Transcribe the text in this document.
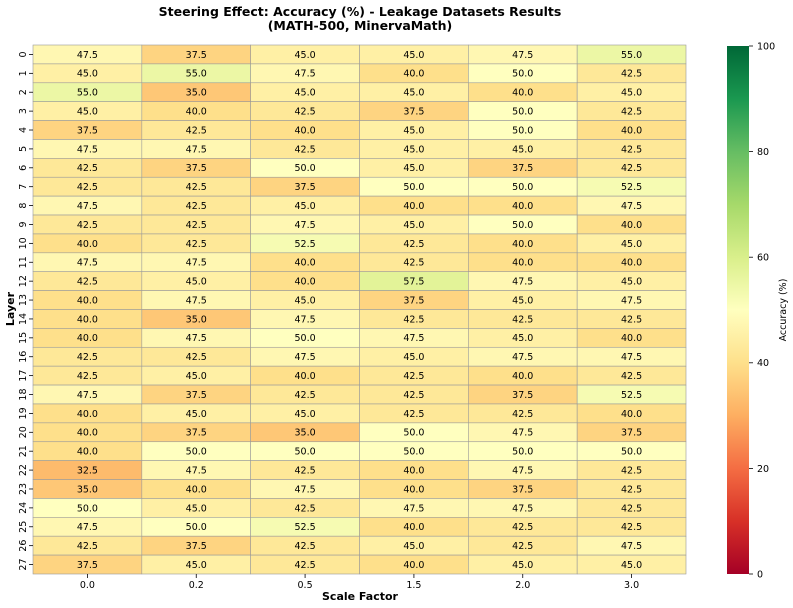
Steering Effect: Accuracy (%) - Leakage Datasets Results
(MATH-500, MinervaMath)
47.5	37.5	45.0	45.0	47.5	55.0
45.0	55.0	47.5	40.0	50.0	42.5
55.0	35.0	45.0	45.0	40.0	45.0
45.0	40.0	42.5	37.5	50.0	42.5
37.5	42.5	40.0	45.0	50.0	40.0
47.5	47.5	42.5	45.0	45.0	42.5
42.5	37.5	50.0	45.0	37.5	42.5
42.5	42.5	37.5	50.0	50.0	52.5
47.5	42.5	45.0	40.0	40.0	47.5
42.5	42.5	47.5	45.0	50.0	40.0
40.0	42.5	52.5	42.5	40.0	45.0
47.5	47.5	40.0	42.5	40.0	40.0
42.5	45.0	40.0	57.5	47.5	45.0
40.0	47.5	45.0	37.5	45.0	47.5
40.0	35.0	47.5	42.5	42.5	42.5
40.0	47.5	50.0	47.5	45.0	40.0
42.5	42.5	47.5	45.0	47.5	47.5
42.5	45.0	40.0	42.5	40.0	42.5
47.5	37.5	42.5	42.5	37.5	52.5
40.0	45.0	45.0	42.5	42.5	40.0
40.0	37.5	35.0	50.0	47.5	37.5
40.0	50.0	50.0	50.0	50.0	50.0
32.5	47.5	42.5	40.0	47.5	42.5
35.0	40.0	47.5	40.0	37.5	42.5
50.0	45.0	42.5	47.5	47.5	42.5
47.5	50.0	52.5	40.0	42.5	42.5
42.5	37.5	42.5	45.0	42.5	47.5
37.5	45.0	42.5	40.0	45.0	45.0
0.0	0.2	0.5	1.5	2.0	3.0
0
1
2
3
4
5
6
7
8
9
10
11
12
13
14
15
16
17
18
19
20
21
22
23
24
25
26
27
Scale Factor
Layer
0
20
40
60
80
100
Accuracy (%)
